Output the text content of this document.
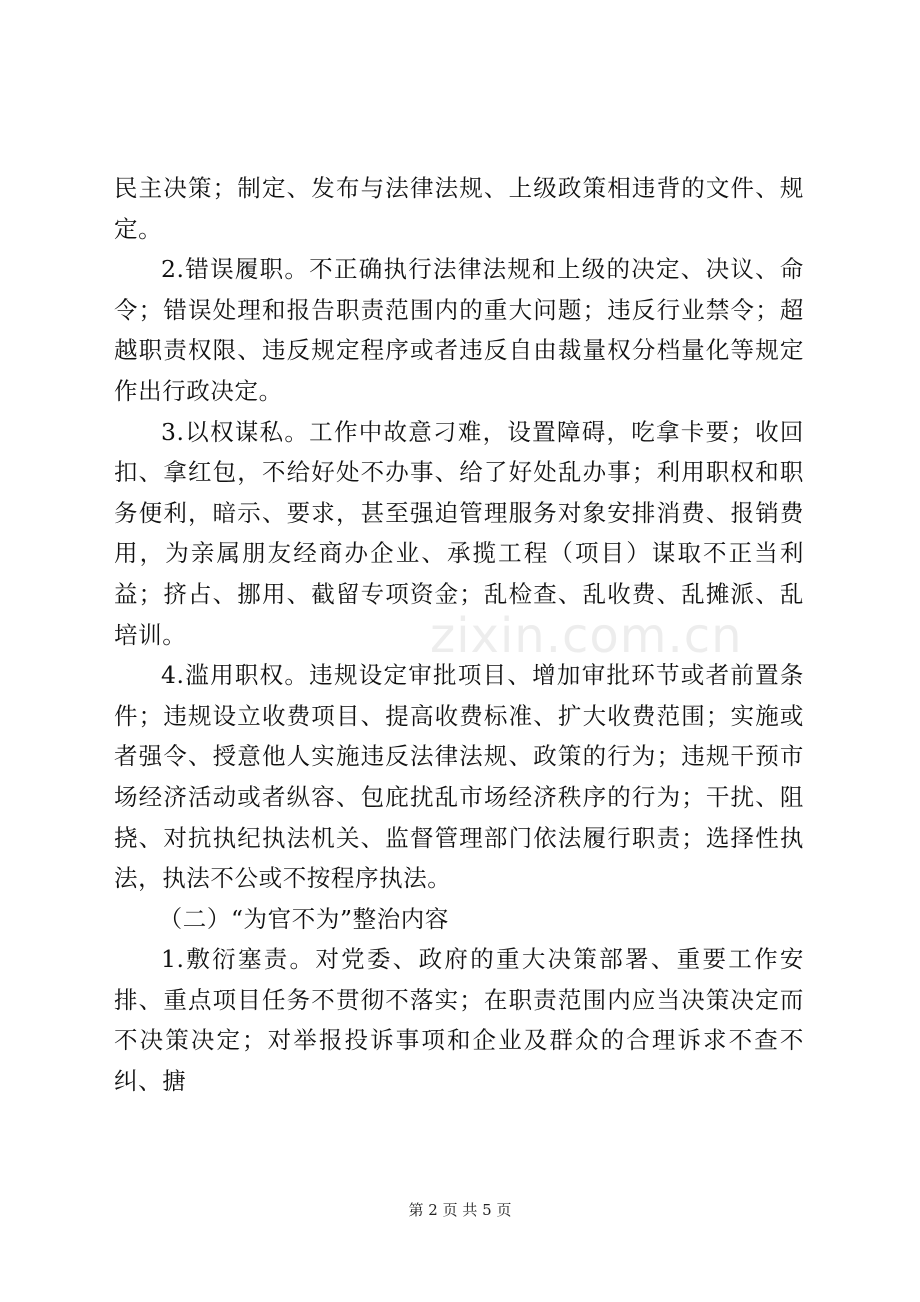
民主决策；制定、发布与法律法规、上级政策相违背的文件、规定。

2.错误履职。不正确执行法律法规和上级的决定、决议、命令；错误处理和报告职责范围内的重大问题；违反行业禁令；超越职责权限、违反规定程序或者违反自由裁量权分档量化等规定作出行政决定。

3.以权谋私。工作中故意刁难，设置障碍，吃拿卡要；收回扣、拿红包，不给好处不办事、给了好处乱办事；利用职权和职务便利，暗示、要求，甚至强迫管理服务对象安排消费、报销费用，为亲属朋友经商办企业、承揽工程（项目）谋取不正当利益；挤占、挪用、截留专项资金；乱检查、乱收费、乱摊派、乱培训。

4.滥用职权。违规设定审批项目、增加审批环节或者前置条件；违规设立收费项目、提高收费标准、扩大收费范围；实施或者强令、授意他人实施违反法律法规、政策的行为；违规干预市场经济活动或者纵容、包庇扰乱市场经济秩序的行为；干扰、阻挠、对抗执纪执法机关、监督管理部门依法履行职责；选择性执法，执法不公或不按程序执法。

（二）“为官不为”整治内容

1.敷衍塞责。对党委、政府的重大决策部署、重要工作安排、重点项目任务不贯彻不落实；在职责范围内应当决策决定而不决策决定；对举报投诉事项和企业及群众的合理诉求不查不纠、搪

zixin.com.cn
第 2 页 共 5 页
